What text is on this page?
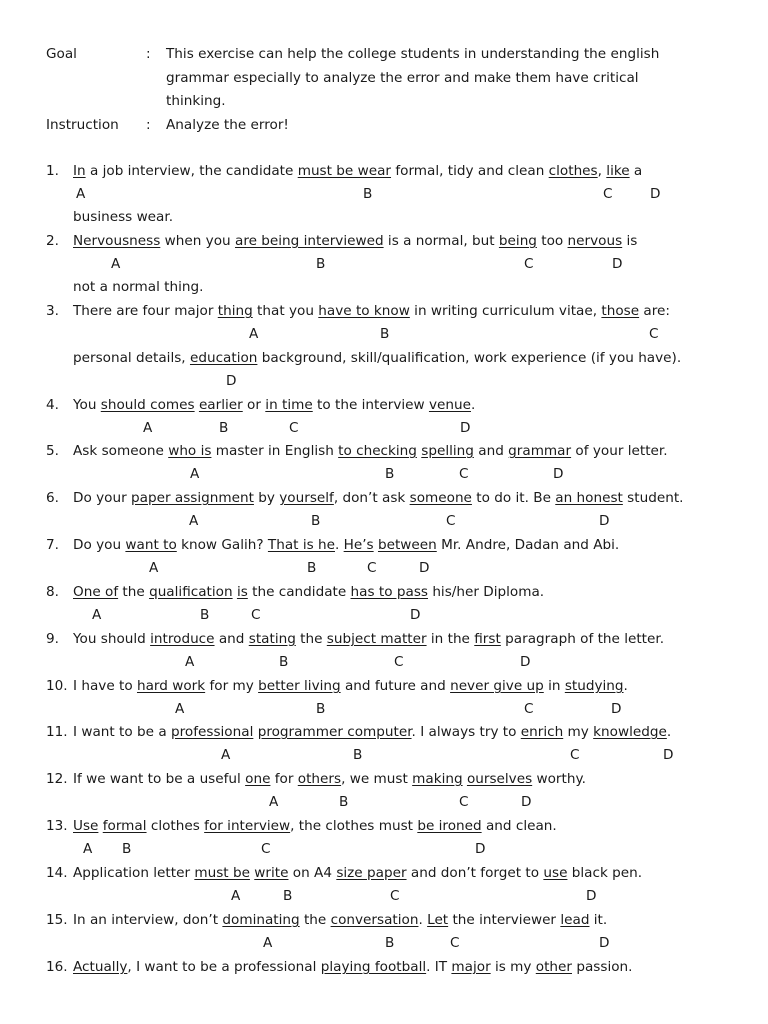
Goal	: This exercise can help the college students in understanding the english
grammar especially to analyze the error and make them have critical
thinking.
Instruction : Analyze the error!
1. In a job interview, the candidate must be wear formal, tidy and clean clothes, like a
A	B	C	D
business wear.
2. Nervousness when you are being interviewed is a normal, but being too nervous is
A	B	C	D
not a normal thing.
3. There are four major thing that you have to know in writing curriculum vitae, those are:
A	B	C
personal details, education background, skill/qualification, work experience (if you have).
D
4. You should comes earlier or in time to the interview venue.
A	B	C	D
5. Ask someone who is master in English to checking spelling and grammar of your letter.
A	B	C	D
6. Do your paper assignment by yourself, don’t ask someone to do it. Be an honest student.
A	B	C	D
7. Do you want to know Galih? That is he. He’s between Mr. Andre, Dadan and Abi.
A	B	C	D
8. One of the qualification is the candidate has to pass his/her Diploma.
A	B	C	D
9. You should introduce and stating the subject matter in the first paragraph of the letter.
A	B	C	D
10. I have to hard work for my better living and future and never give up in studying.
A	B	C	D
11. I want to be a professional programmer computer. I always try to enrich my knowledge.
A	B	C	D
12. If we want to be a useful one for others, we must making ourselves worthy.
A	B	C	D
13. Use formal clothes for interview, the clothes must be ironed and clean.
A B	C	D
14. Application letter must be write on A4 size paper and don’t forget to use black pen.
A	B	C	D
15. In an interview, don’t dominating the conversation. Let the interviewer lead it.
A	B	C	D
16. Actually, I want to be a professional playing football. IT major is my other passion.
